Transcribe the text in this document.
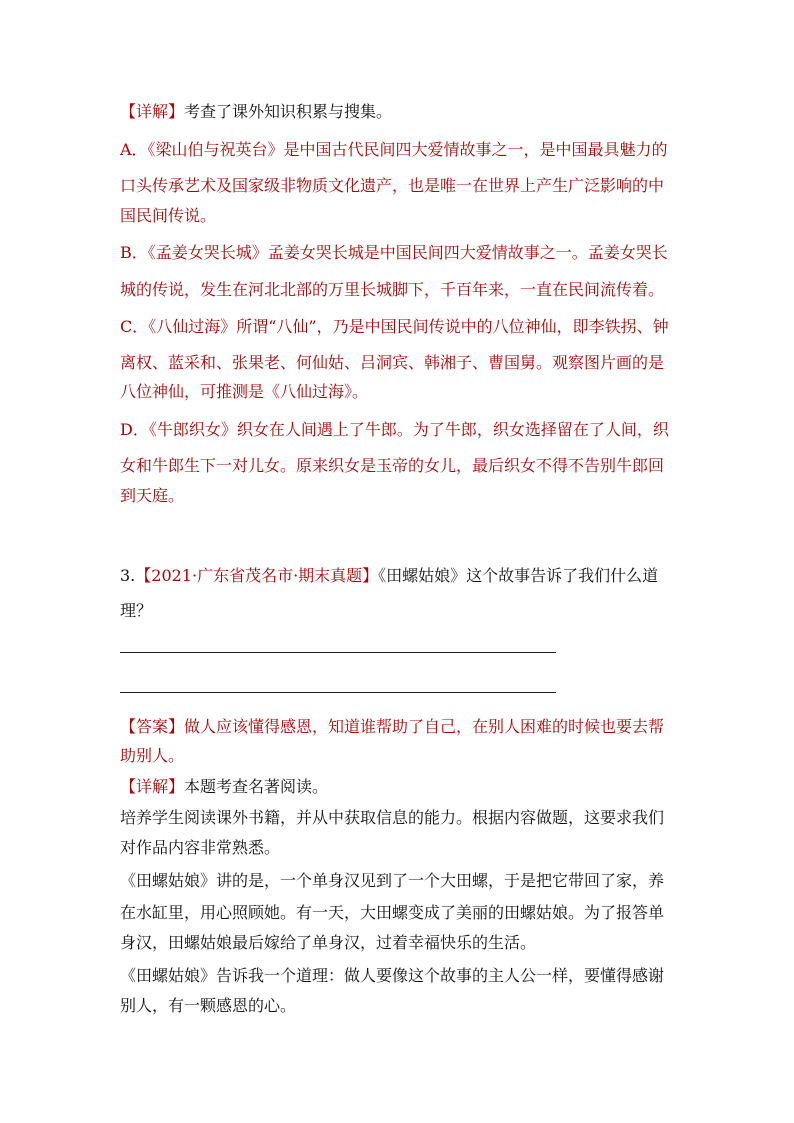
【详解】考查了课外知识积累与搜集。
A．《梁山伯与祝英台》是中国古代民间四大爱情故事之一，是中国最具魅力的
口头传承艺术及国家级非物质文化遗产，也是唯一在世界上产生广泛影响的中
国民间传说。
B．《孟姜女哭长城》孟姜女哭长城是中国民间四大爱情故事之一。孟姜女哭长
城的传说，发生在河北北部的万里长城脚下，千百年来，一直在民间流传着。
C．《八仙过海》所谓“八仙”，乃是中国民间传说中的八位神仙，即李铁拐、钟
离权、蓝采和、张果老、何仙姑、吕洞宾、韩湘子、曹国舅。观察图片画的是
八位神仙，可推测是《八仙过海》。
D．《牛郎织女》织女在人间遇上了牛郎。为了牛郎，织女选择留在了人间，织
女和牛郎生下一对儿女。原来织女是玉帝的女儿，最后织女不得不告别牛郎回
到天庭。
3.【2021·广东省茂名市·期末真题】《田螺姑娘》这个故事告诉了我们什么道
理？
【答案】做人应该懂得感恩，知道谁帮助了自己，在别人困难的时候也要去帮
助别人。
【详解】本题考查名著阅读。
培养学生阅读课外书籍，并从中获取信息的能力。根据内容做题，这要求我们
对作品内容非常熟悉。
《田螺姑娘》讲的是，一个单身汉见到了一个大田螺，于是把它带回了家，养
在水缸里，用心照顾她。有一天，大田螺变成了美丽的田螺姑娘。为了报答单
身汉，田螺姑娘最后嫁给了单身汉，过着幸福快乐的生活。
《田螺姑娘》告诉我一个道理：做人要像这个故事的主人公一样，要懂得感谢
别人，有一颗感恩的心。
